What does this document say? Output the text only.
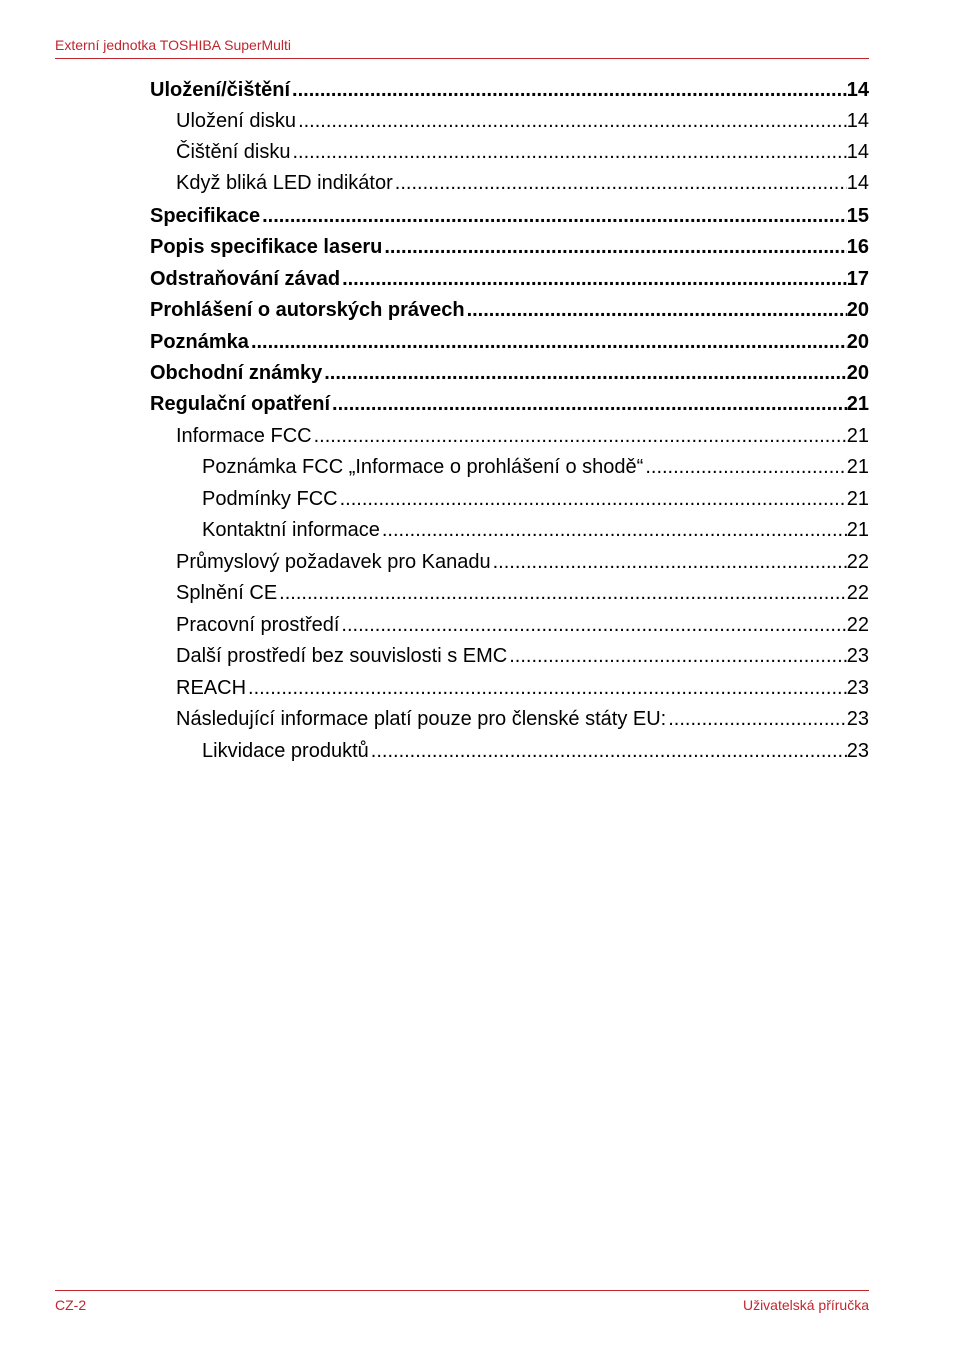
Externí jednotka TOSHIBA SuperMulti
Uložení/čištění .....	14
Uložení disku .....	14
Čištění disku .....	14
Když bliká LED indikátor .....	14
Specifikace .....	15
Popis specifikace laseru .....	16
Odstraňování závad .....	17
Prohlášení o autorských právech .....	20
Poznámka .....	20
Obchodní známky .....	20
Regulační opatření .....	21
Informace FCC .....	21
Poznámka FCC „Informace o prohlášení o shodě“ .....	21
Podmínky FCC .....	21
Kontaktní informace .....	21
Průmyslový požadavek pro Kanadu .....	22
Splnění CE .....	22
Pracovní prostředí .....	22
Další prostředí bez souvislosti s EMC .....	23
REACH .....	23
Následující informace platí pouze pro členské státy EU: .....	23
Likvidace produktů .....	23
CZ-2	Uživatelská příručka
